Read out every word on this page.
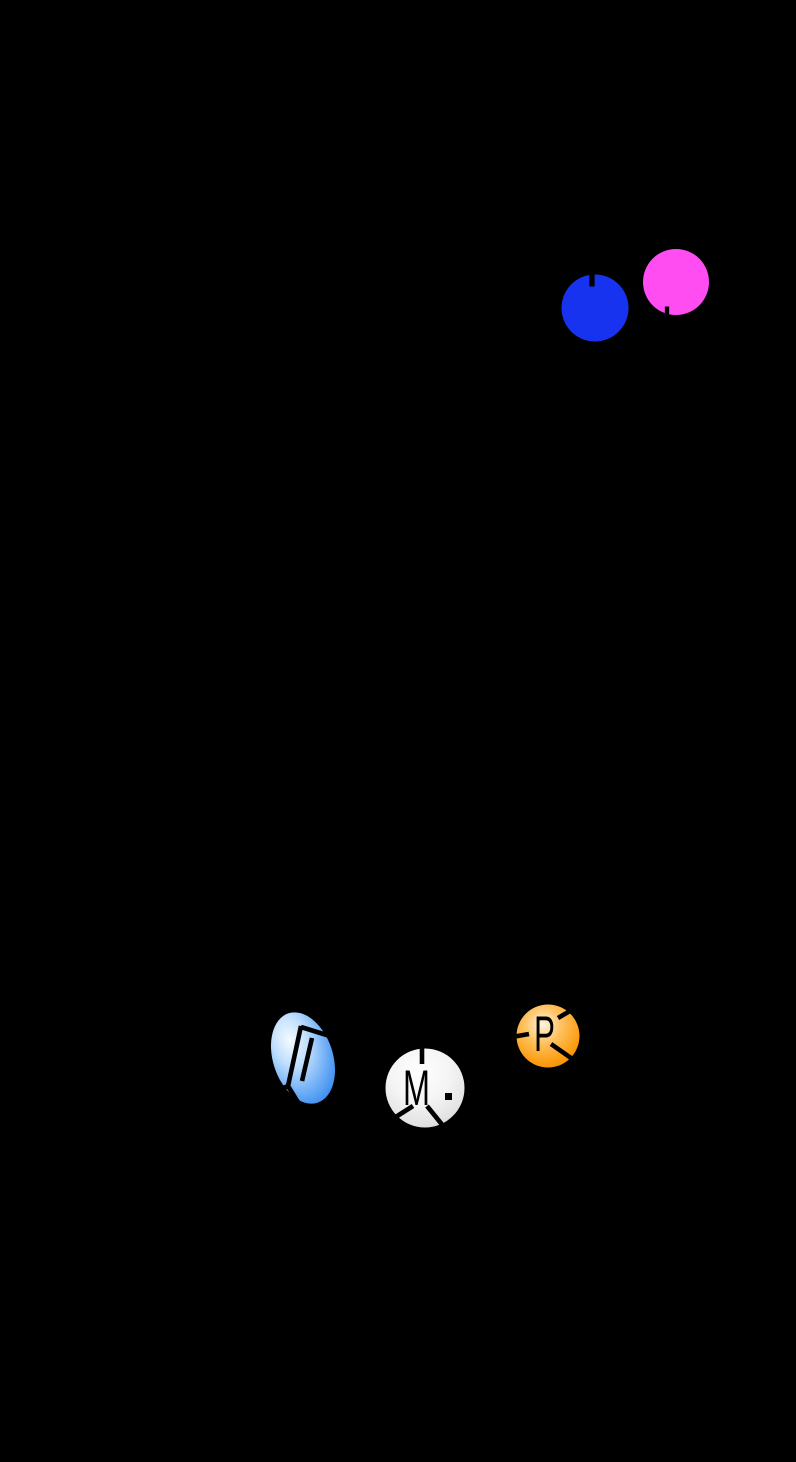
M
P
